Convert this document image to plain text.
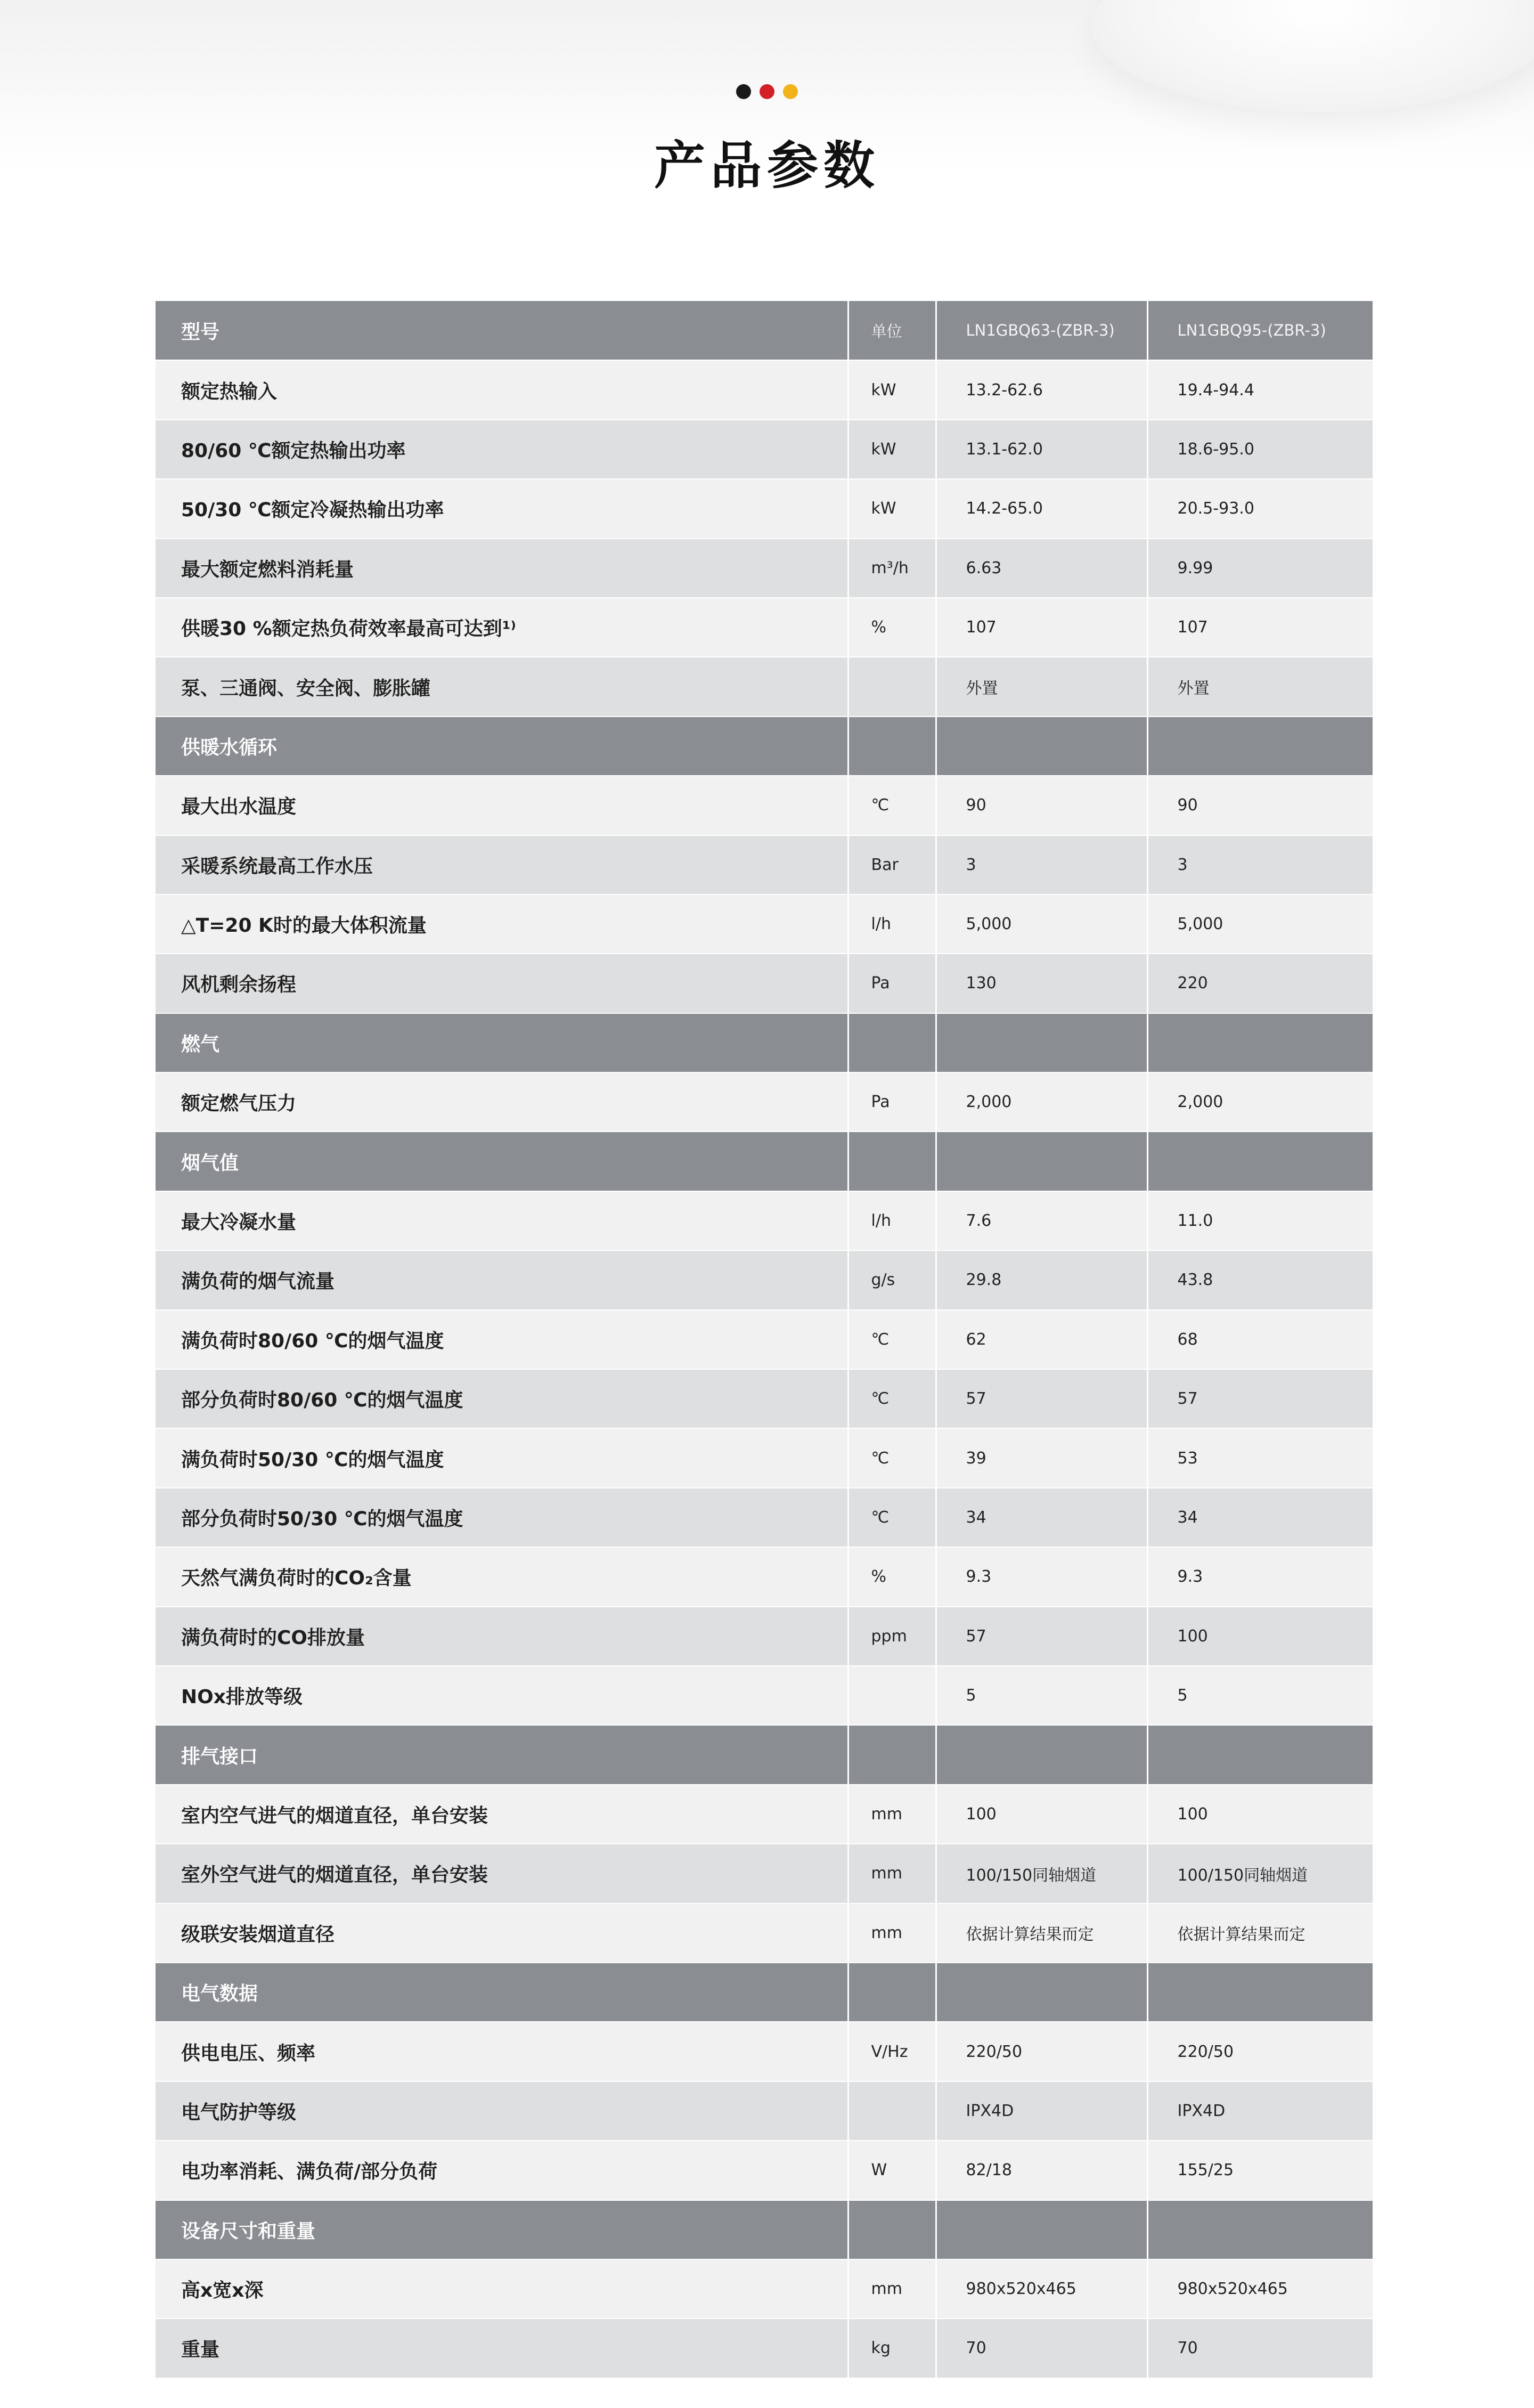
产品参数
型号	单位	LN1GBQ63-(ZBR-3)	LN1GBQ95-(ZBR-3)
额定热输入	kW	13.2-62.6	19.4-94.4
80/60 ℃额定热输出功率	kW	13.1-62.0	18.6-95.0
50/30 ℃额定冷凝热输出功率	kW	14.2-65.0	20.5-93.0
最大额定燃料消耗量	m³/h	6.63	9.99
供暖30 %额定热负荷效率最高可达到¹⁾	%	107	107
泵、三通阀、安全阀、膨胀罐		外置	外置
供暖水循环			
最大出水温度	℃	90	90
采暖系统最高工作水压	Bar	3	3
△T=20 K时的最大体积流量	l/h	5,000	5,000
风机剩余扬程	Pa	130	220
燃气			
额定燃气压力	Pa	2,000	2,000
烟气值			
最大冷凝水量	l/h	7.6	11.0
满负荷的烟气流量	g/s	29.8	43.8
满负荷时80/60 ℃的烟气温度	℃	62	68
部分负荷时80/60 ℃的烟气温度	℃	57	57
满负荷时50/30 ℃的烟气温度	℃	39	53
部分负荷时50/30 ℃的烟气温度	℃	34	34
天然气满负荷时的CO₂含量	%	9.3	9.3
满负荷时的CO排放量	ppm	57	100
NOx排放等级		5	5
排气接口			
室内空气进气的烟道直径，单台安装	mm	100	100
室外空气进气的烟道直径，单台安装	mm	100/150同轴烟道	100/150同轴烟道
级联安装烟道直径	mm	依据计算结果而定	依据计算结果而定
电气数据			
供电电压、频率	V/Hz	220/50	220/50
电气防护等级		IPX4D	IPX4D
电功率消耗、满负荷/部分负荷	W	82/18	155/25
设备尺寸和重量			
高x宽x深	mm	980x520x465	980x520x465
重量	kg	70	70
